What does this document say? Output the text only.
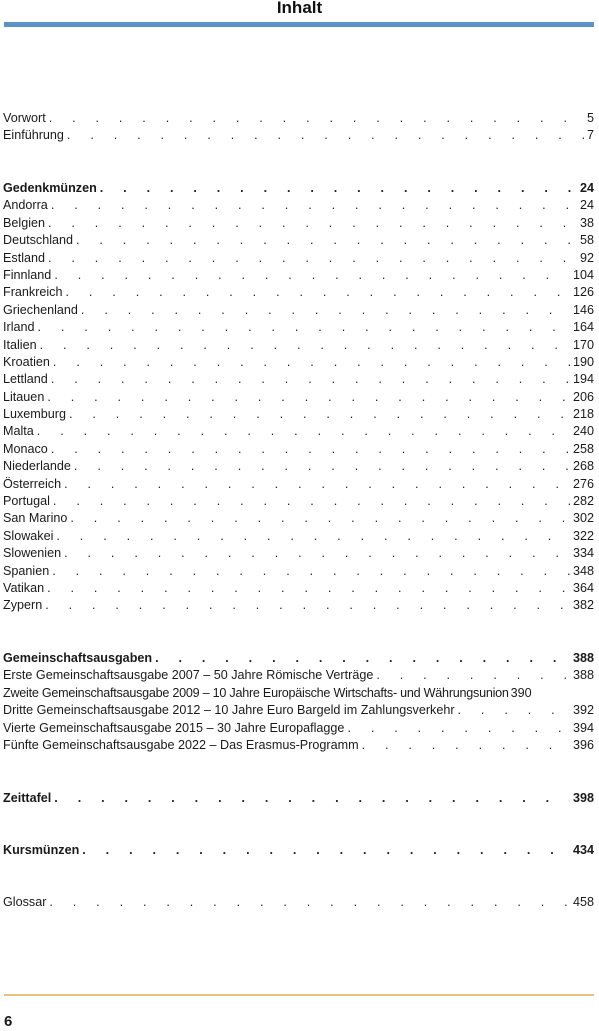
Inhalt
Vorwort . . .	5
Einführung . . .	7
Gedenkmünzen . . .	24
Andorra . . .	24
Belgien . . .	38
Deutschland . . .	58
Estland . . .	92
Finnland . . .	104
Frankreich . . .	126
Griechenland . . .	146
Irland . . .	164
Italien . . .	170
Kroatien . . .	190
Lettland . . .	194
Litauen . . .	206
Luxemburg . . .	218
Malta . . .	240
Monaco . . .	258
Niederlande . . .	268
Österreich . . .	276
Portugal . . .	282
San Marino . . .	302
Slowakei . . .	322
Slowenien . . .	334
Spanien . . .	348
Vatikan . . .	364
Zypern . . .	382
Gemeinschaftsausgaben . . .	388
Erste Gemeinschaftsausgabe 2007 – 50 Jahre Römische Verträge . . .	388
Zweite Gemeinschaftsausgabe 2009 – 10 Jahre Europäische Wirtschafts- und Währungsunion 390
Dritte Gemeinschaftsausgabe 2012 – 10 Jahre Euro Bargeld im Zahlungsverkehr . . .	392
Vierte Gemeinschaftsausgabe 2015 – 30 Jahre Europaflagge . . .	394
Fünfte Gemeinschaftsausgabe 2022 – Das Erasmus-Programm . . .	396
Zeittafel . . .	398
Kursmünzen . . .	434
Glossar . . .	458
6
